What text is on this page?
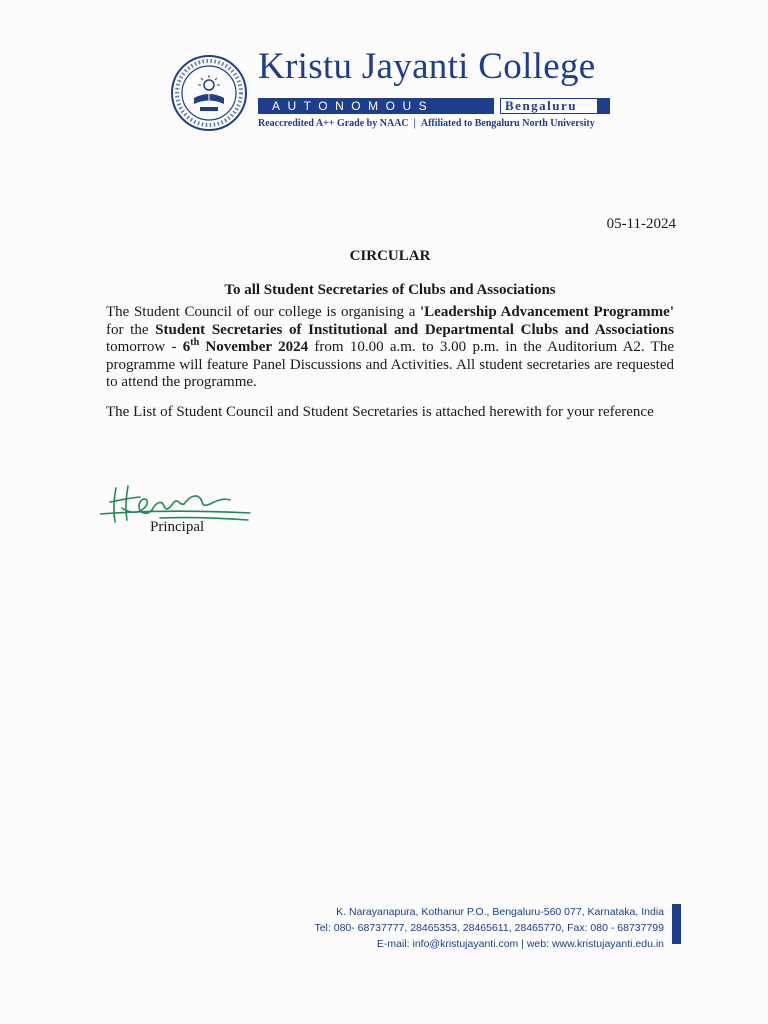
Kristu Jayanti College
AUTONOMOUS	Bengaluru

Reaccredited A++ Grade by NAAC | Affiliated to Bengaluru North University

05-11-2024
CIRCULAR

To all Student Secretaries of Clubs and Associations

The Student Council of our college is organising a 'Leadership Advancement Programme' for the Student Secretaries of Institutional and Departmental Clubs and Associations tomorrow - 6th November 2024 from 10.00 a.m. to 3.00 p.m. in the Auditorium A2. The programme will feature Panel Discussions and Activities. All student secretaries are requested to attend the programme.

The List of Student Council and Student Secretaries is attached herewith for your reference

Principal
K. Narayanapura, Kothanur P.O., Bengaluru-560 077, Karnataka, India
Tel: 080- 68737777, 28465353, 28465611, 28465770, Fax: 080 - 68737799
E-mail: info@kristujayanti.com | web: www.kristujayanti.edu.in
